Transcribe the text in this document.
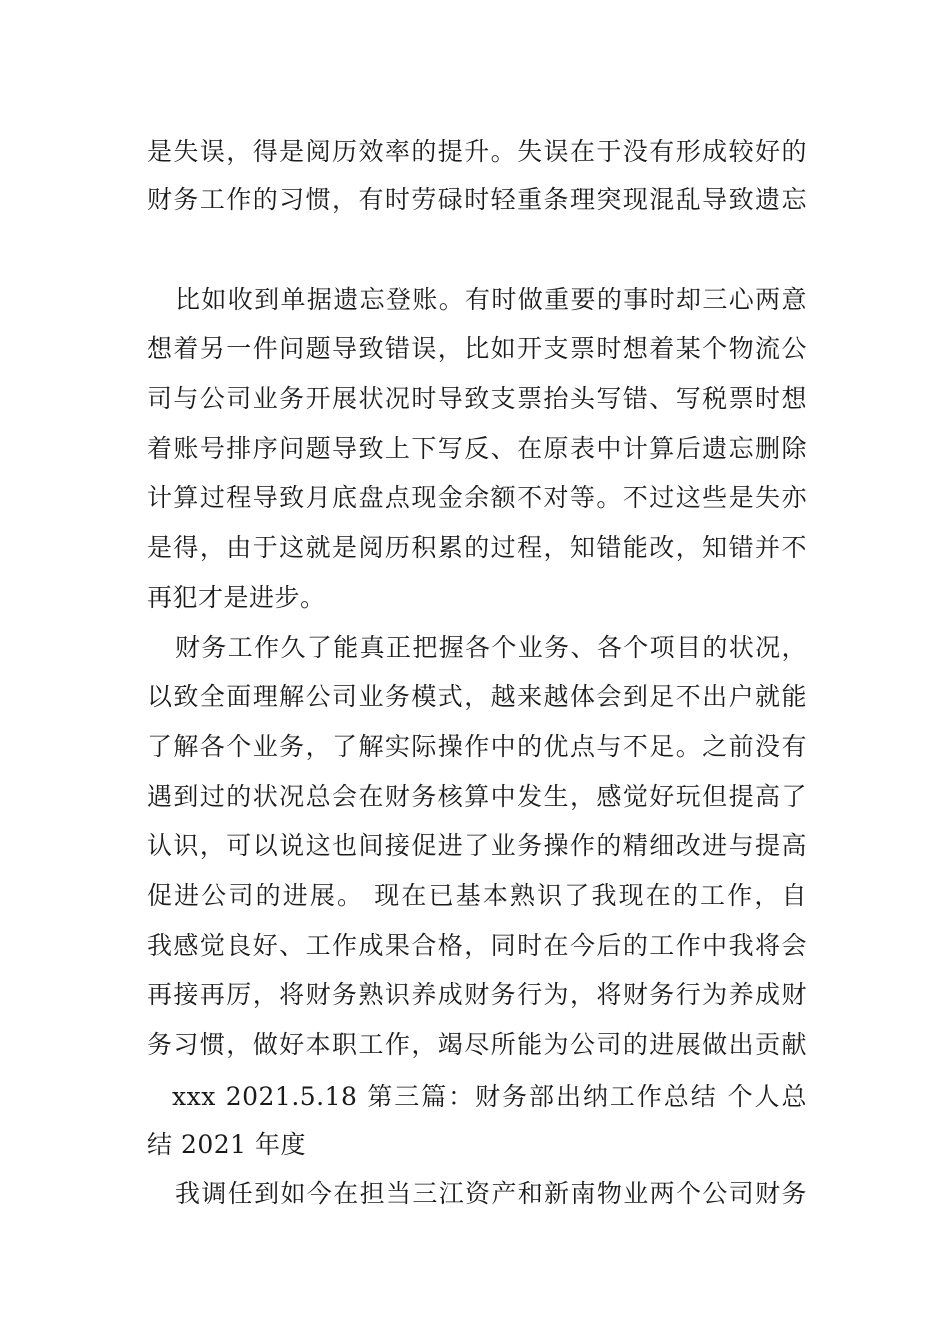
是失误，得是阅历效率的提升。失误在于没有形成较好的
财务工作的习惯，有时劳碌时轻重条理突现混乱导致遗忘
比如收到单据遗忘登账。有时做重要的事时却三心两意
想着另一件问题导致错误，比如开支票时想着某个物流公
司与公司业务开展状况时导致支票抬头写错、写税票时想
着账号排序问题导致上下写反、在原表中计算后遗忘删除
计算过程导致月底盘点现金余额不对等。不过这些是失亦
是得，由于这就是阅历积累的过程，知错能改，知错并不
再犯才是进步。
财务工作久了能真正把握各个业务、各个项目的状况，
以致全面理解公司业务模式，越来越体会到足不出户就能
了解各个业务，了解实际操作中的优点与不足。之前没有
遇到过的状况总会在财务核算中发生，感觉好玩但提高了
认识，可以说这也间接促进了业务操作的精细改进与提高
促进公司的进展。 现在已基本熟识了我现在的工作，自
我感觉良好、工作成果合格，同时在今后的工作中我将会
再接再厉，将财务熟识养成财务行为，将财务行为养成财
务习惯，做好本职工作，竭尽所能为公司的进展做出贡献
xxx 2021.5.18 第三篇：财务部出纳工作总结 个人总
结 2021 年度
我调任到如今在担当三江资产和新南物业两个公司财务
